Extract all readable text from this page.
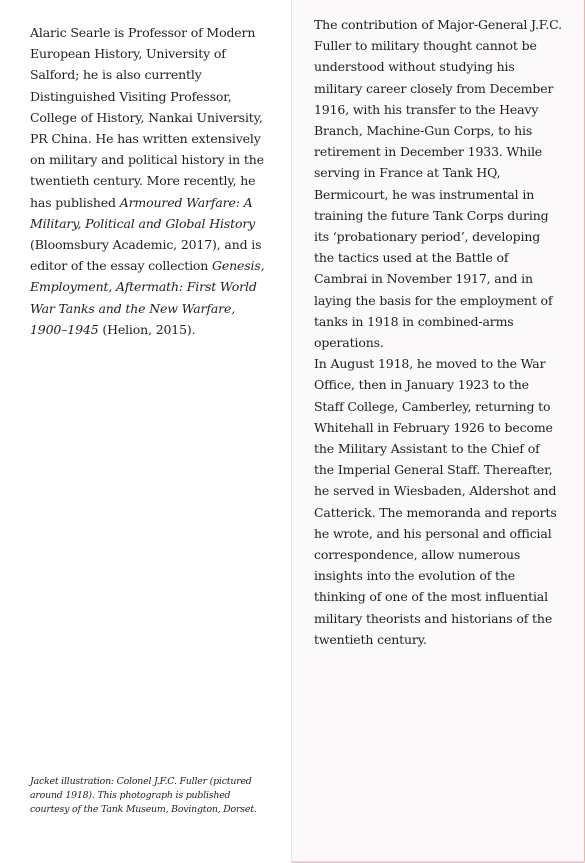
Alaric Searle is Professor of Modern European History, University of Salford; he is also currently Distinguished Visiting Professor, College of History, Nankai University, PR China. He has written extensively on military and political history in the twentieth century. More recently, he has published Armoured Warfare: A Military, Political and Global History (Bloomsbury Academic, 2017), and is editor of the essay collection Genesis, Employment, Aftermath: First World War Tanks and the New Warfare, 1900–1945 (Helion, 2015).

Jacket illustration: Colonel J.F.C. Fuller (pictured around 1918). This photograph is published courtesy of the Tank Museum, Bovington, Dorset.

The contribution of Major-General J.F.C. Fuller to military thought cannot be understood without studying his military career closely from December 1916, with his transfer to the Heavy Branch, Machine-Gun Corps, to his retirement in December 1933. While serving in France at Tank HQ, Bermicourt, he was instrumental in training the future Tank Corps during its ‘probationary period’, developing the tactics used at the Battle of Cambrai in November 1917, and in laying the basis for the employment of tanks in 1918 in combined-arms operations.

In August 1918, he moved to the War Office, then in January 1923 to the Staff College, Camberley, returning to Whitehall in February 1926 to become the Military Assistant to the Chief of the Imperial General Staff. Thereafter, he served in Wiesbaden, Aldershot and Catterick. The memoranda and reports he wrote, and his personal and official correspondence, allow numerous insights into the evolution of the thinking of one of the most influential military theorists and historians of the twentieth century.
